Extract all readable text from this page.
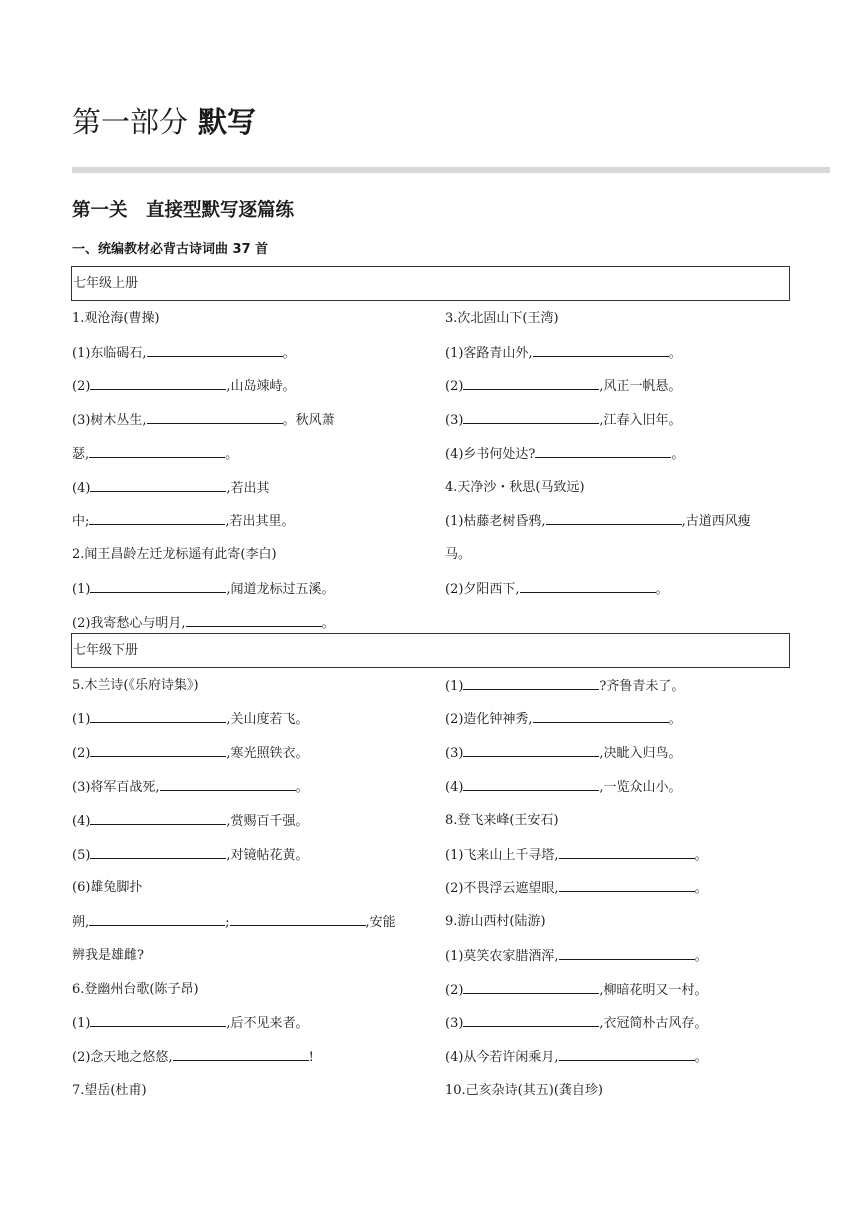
第一部分 默写
第一关　直接型默写逐篇练
一、统编教材必背古诗词曲 37 首
七年级上册
1.观沧海(曹操)
(1)东临碣石,	。
(2)	,山岛竦峙。
(3)树木丛生,	。秋风萧
瑟,	。
(4)	,若出其
中;	,若出其里。
2.闻王昌龄左迁龙标遥有此寄(李白)
(1)	,闻道龙标过五溪。
(2)我寄愁心与明月,	。
3.次北固山下(王湾)
(1)客路青山外,	。
(2)	,风正一帆悬。
(3)	,江春入旧年。
(4)乡书何处达?	。
4.天净沙・秋思(马致远)
(1)枯藤老树昏鸦,	,古道西风瘦
马。
(2)夕阳西下,	。
七年级下册
5.木兰诗(《乐府诗集》)
(1)	,关山度若飞。
(2)	,寒光照铁衣。
(3)将军百战死,	。
(4)	,赏赐百千强。
(5)	,对镜帖花黄。
(6)雄兔脚扑
朔,	;	,安能
辨我是雄雌?
6.登幽州台歌(陈子昂)
(1)	,后不见来者。
(2)念天地之悠悠,	!
7.望岳(杜甫)
(1)	?齐鲁青未了。
(2)造化钟神秀,	。
(3)	,决眦入归鸟。
(4)	,一览众山小。
8.登飞来峰(王安石)
(1)飞来山上千寻塔,	。
(2)不畏浮云遮望眼,	。
9.游山西村(陆游)
(1)莫笑农家腊酒浑,	。
(2)	,柳暗花明又一村。
(3)	,衣冠简朴古风存。
(4)从今若许闲乘月,	。
10.己亥杂诗(其五)(龚自珍)
